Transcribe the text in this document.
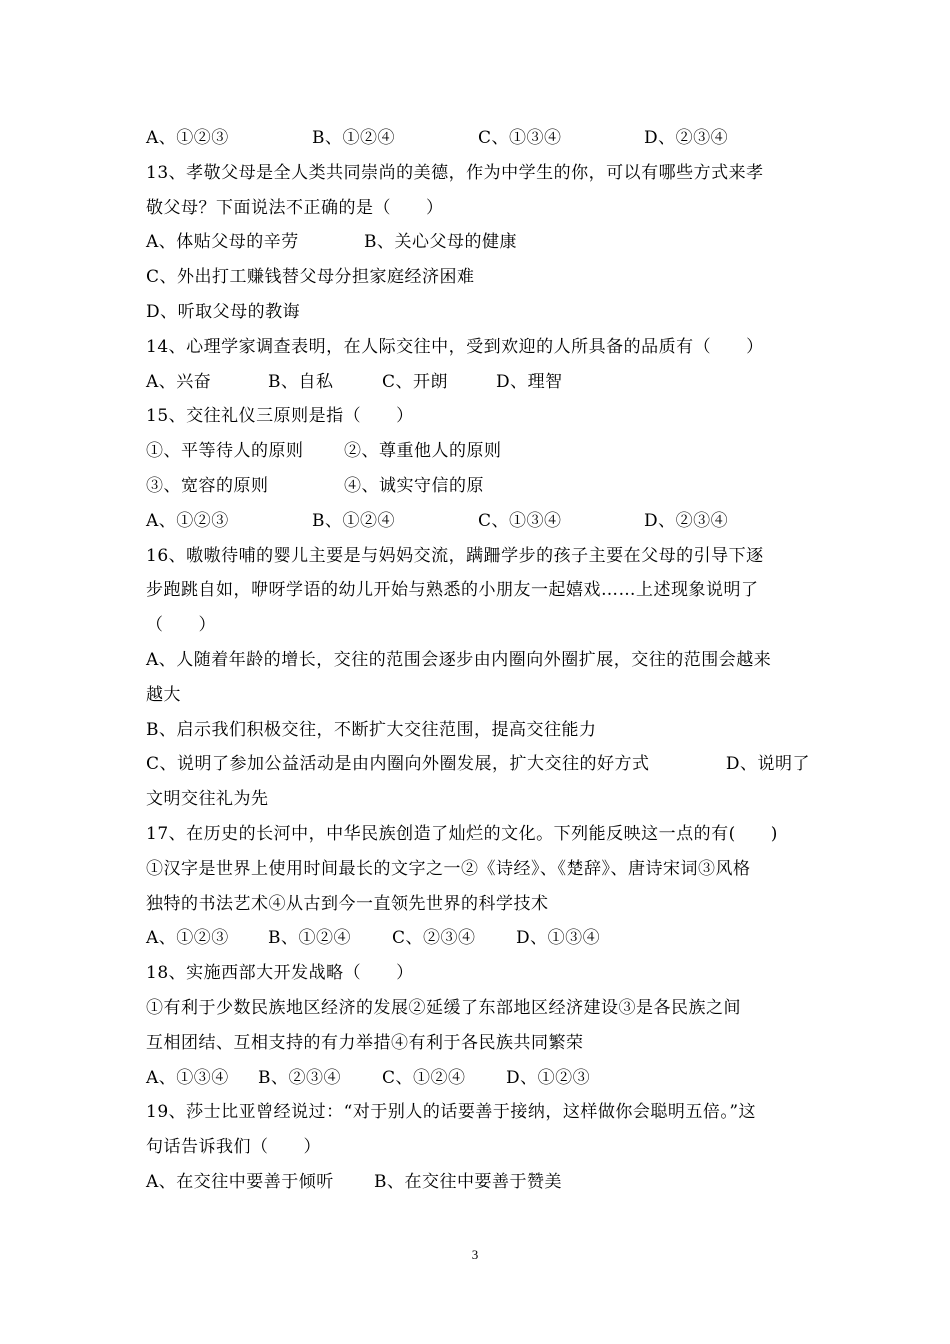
A、①②③	B、①②④	C、①③④	D、②③④
13、孝敬父母是全人类共同崇尚的美德，作为中学生的你，可以有哪些方式来孝
敬父母？下面说法不正确的是（　　）
A、体贴父母的辛劳	B、关心父母的健康
C、外出打工赚钱替父母分担家庭经济困难
D、听取父母的教诲
14、心理学家调查表明，在人际交往中，受到欢迎的人所具备的品质有（　　）
A、兴奋	B、自私	C、开朗	D、理智
15、交往礼仪三原则是指（　　）
①、平等待人的原则	②、尊重他人的原则
③、宽容的原则	④、诚实守信的原
A、①②③	B、①②④	C、①③④	D、②③④
16、嗷嗷待哺的婴儿主要是与妈妈交流，蹒跚学步的孩子主要在父母的引导下逐
步跑跳自如，咿呀学语的幼儿开始与熟悉的小朋友一起嬉戏……上述现象说明了
（　　）
A、人随着年龄的增长，交往的范围会逐步由内圈向外圈扩展，交往的范围会越来
越大
B、启示我们积极交往，不断扩大交往范围，提高交往能力
C、说明了参加公益活动是由内圈向外圈发展，扩大交往的好方式	D、说明了
文明交往礼为先
17、在历史的长河中，中华民族创造了灿烂的文化。下列能反映这一点的有(　　)
①汉字是世界上使用时间最长的文字之一②《诗经》、《楚辞》、唐诗宋词③风格
独特的书法艺术④从古到今一直领先世界的科学技术
A、①②③	B、①②④	C、②③④	D、①③④
18、实施西部大开发战略（　　）
①有利于少数民族地区经济的发展②延缓了东部地区经济建设③是各民族之间
互相团结、互相支持的有力举措④有利于各民族共同繁荣
A、①③④	B、②③④	C、①②④	D、①②③
19、莎士比亚曾经说过：“对于别人的话要善于接纳，这样做你会聪明五倍。”这
句话告诉我们（　　）
A、在交往中要善于倾听	B、在交往中要善于赞美
3
